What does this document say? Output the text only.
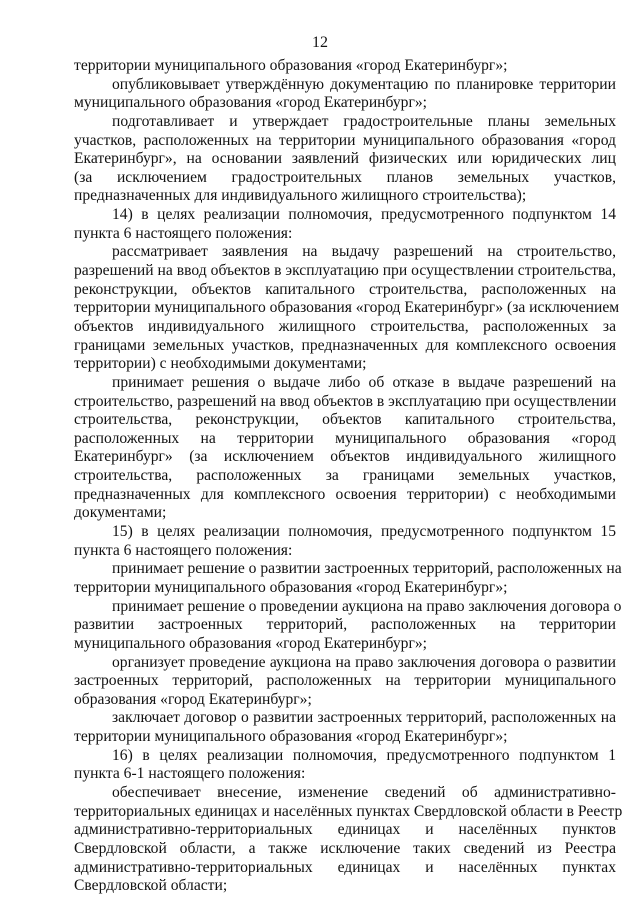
12
территории муниципального образования «город Екатеринбург»;
опубликовывает утверждённую документацию по планировке территории
муниципального образования «город Екатеринбург»;
подготавливает и утверждает градостроительные планы земельных
участков, расположенных на территории муниципального образования «город
Екатеринбург», на основании заявлений физических или юридических лиц
(за исключением градостроительных планов земельных участков,
предназначенных для индивидуального жилищного строительства);
14) в целях реализации полномочия, предусмотренного подпунктом 14
пункта 6 настоящего положения:
рассматривает заявления на выдачу разрешений на строительство,
разрешений на ввод объектов в эксплуатацию при осуществлении строительства,
реконструкции, объектов капитального строительства, расположенных на
территории муниципального образования «город Екатеринбург» (за исключением
объектов индивидуального жилищного строительства, расположенных за
границами земельных участков, предназначенных для комплексного освоения
территории) с необходимыми документами;
принимает решения о выдаче либо об отказе в выдаче разрешений на
строительство, разрешений на ввод объектов в эксплуатацию при осуществлении
строительства, реконструкции, объектов капитального строительства,
расположенных на территории муниципального образования «город
Екатеринбург» (за исключением объектов индивидуального жилищного
строительства, расположенных за границами земельных участков,
предназначенных для комплексного освоения территории) с необходимыми
документами;
15) в целях реализации полномочия, предусмотренного подпунктом 15
пункта 6 настоящего положения:
принимает решение о развитии застроенных территорий, расположенных на
территории муниципального образования «город Екатеринбург»;
принимает решение о проведении аукциона на право заключения договора о
развитии застроенных территорий, расположенных на территории
муниципального образования «город Екатеринбург»;
организует проведение аукциона на право заключения договора о развитии
застроенных территорий, расположенных на территории муниципального
образования «город Екатеринбург»;
заключает договор о развитии застроенных территорий, расположенных на
территории муниципального образования «город Екатеринбург»;
16) в целях реализации полномочия, предусмотренного подпунктом 1
пункта 6-1 настоящего положения:
обеспечивает внесение, изменение сведений об административно-
территориальных единицах и населённых пунктах Свердловской области в Реестр
административно-территориальных единицах и населённых пунктов
Свердловской области, а также исключение таких сведений из Реестра
административно-территориальных единицах и населённых пунктах
Свердловской области;
